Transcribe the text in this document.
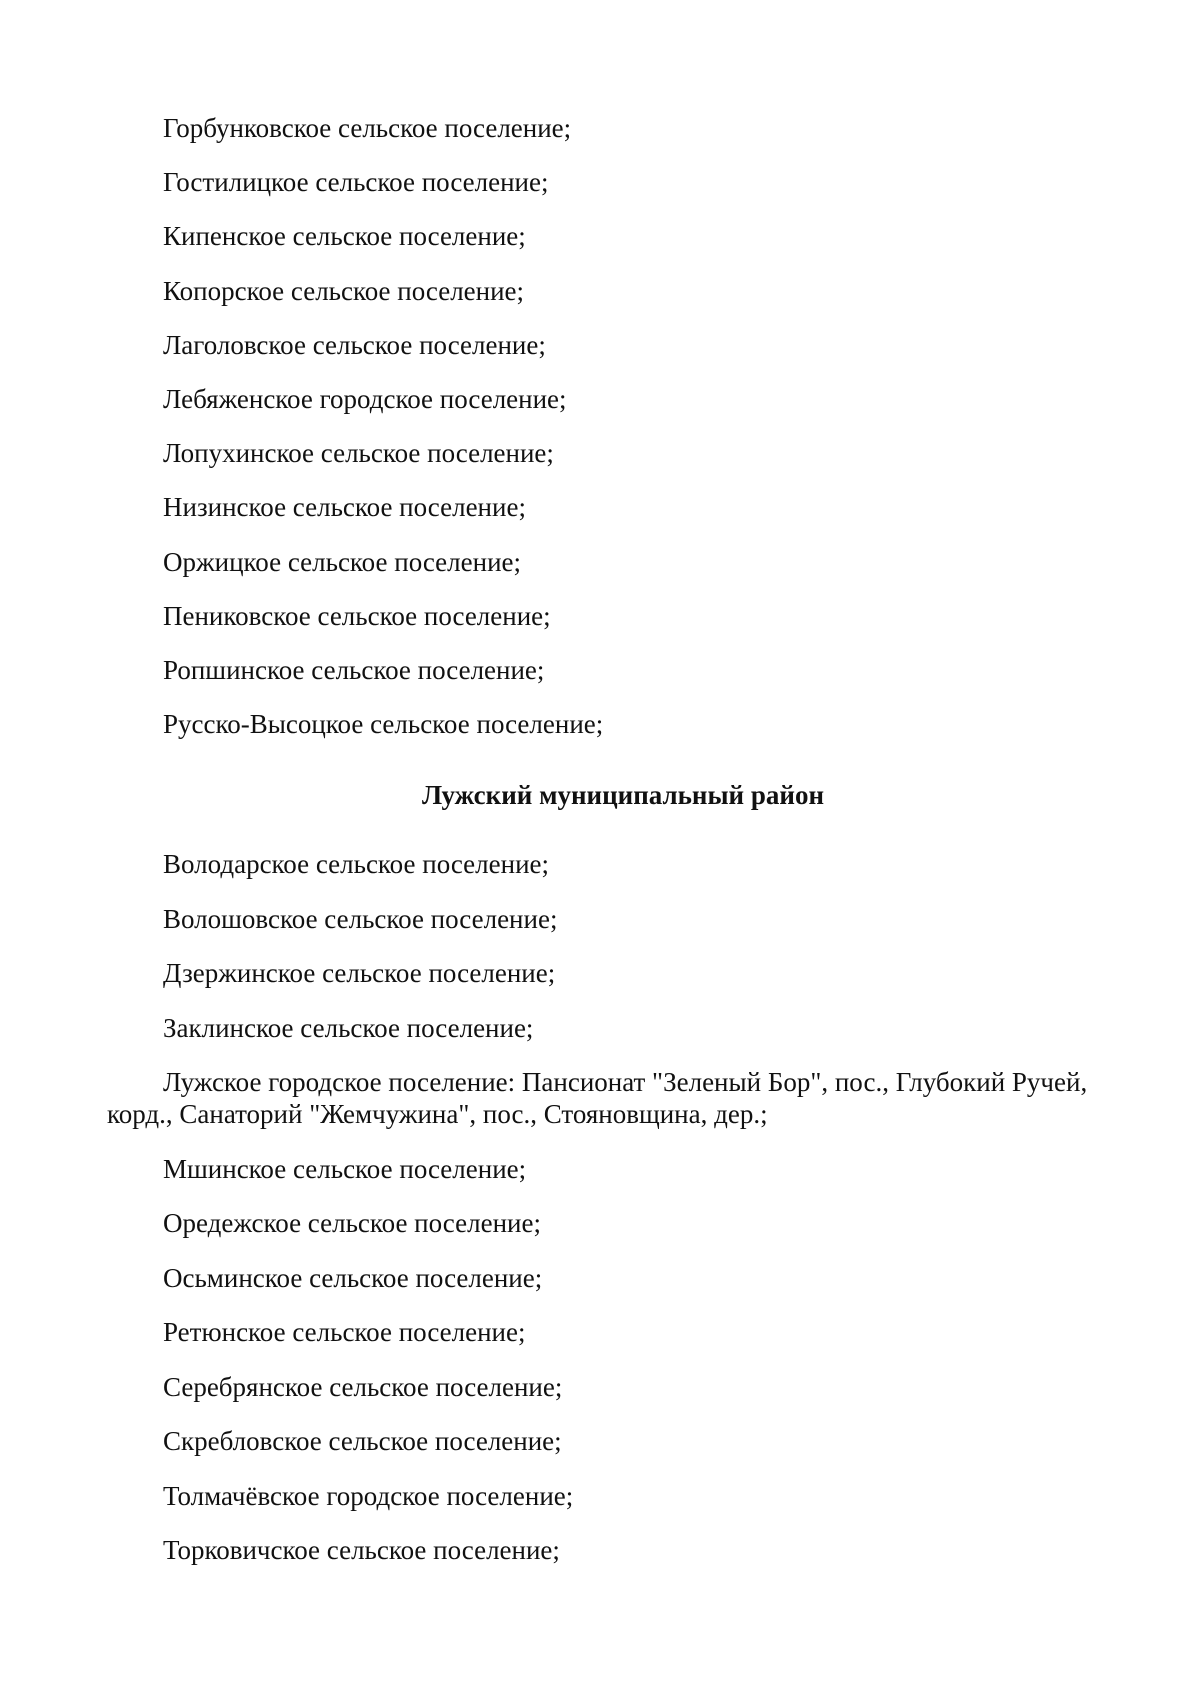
Горбунковское сельское поселение;
Гостилицкое сельское поселение;
Кипенское сельское поселение;
Копорское сельское поселение;
Лаголовское сельское поселение;
Лебяженское городское поселение;
Лопухинское сельское поселение;
Низинское сельское поселение;
Оржицкое сельское поселение;
Пениковское сельское поселение;
Ропшинское сельское поселение;
Русско-Высоцкое сельское поселение;
Лужский муниципальный район
Володарское сельское поселение;
Волошовское сельское поселение;
Дзержинское сельское поселение;
Заклинское сельское поселение;
Лужское городское поселение: Пансионат "Зеленый Бор", пос., Глубокий Ручей, корд., Санаторий "Жемчужина", пос., Стояновщина, дер.;
Мшинское сельское поселение;
Оредежское сельское поселение;
Осьминское сельское поселение;
Ретюнское сельское поселение;
Серебрянское сельское поселение;
Скребловское сельское поселение;
Толмачёвское городское поселение;
Торковичское сельское поселение;
